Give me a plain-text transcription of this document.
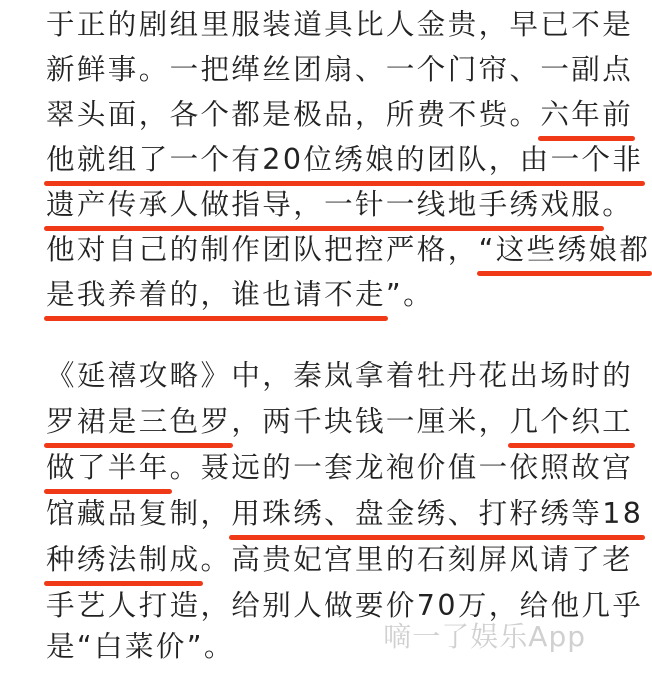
于正的剧组里服装道具比人金贵，早已不是
新鲜事。一把缂丝团扇、一个门帘、一副点
翠头面，各个都是极品，所费不赀。六年前
他就组了一个有20位绣娘的团队，由一个非
遗产传承人做指导，一针一线地手绣戏服。
他对自己的制作团队把控严格，“这些绣娘都
是我养着的，谁也请不走”。
《延禧攻略》中，秦岚拿着牡丹花出场时的
罗裙是三色罗，两千块钱一厘米，几个织工
做了半年。聂远的一套龙袍价值一依照故宫
馆藏品复制，用珠绣、盘金绣、打籽绣等18
种绣法制成。高贵妃宫里的石刻屏风请了老
手艺人打造，给别人做要价70万，给他几乎
是“白菜价”。	嘀一了娱乐App
